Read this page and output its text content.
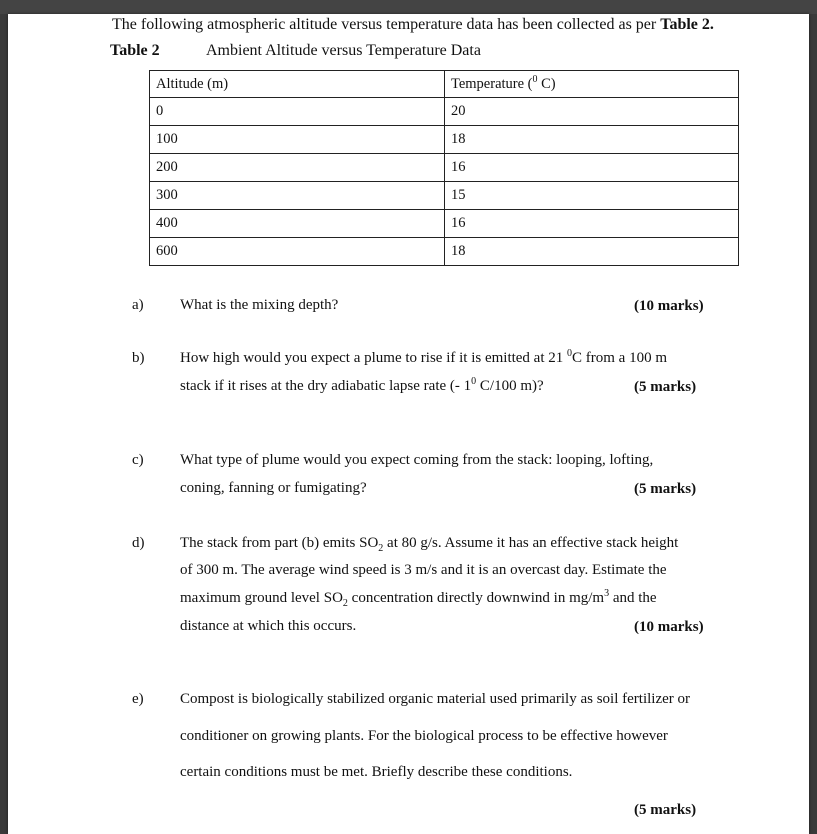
The following atmospheric altitude versus temperature data has been collected as per Table 2.
Table 2	Ambient Altitude versus Temperature Data
Altitude (m)	Temperature ($^0$ C)
0	20
100	18
200	16
300	15
400	16
600	18
a) What is the mixing depth?	(10 marks)
b) How high would you expect a plume to rise if it is emitted at 21 $^0$C from a 100 m
stack if it rises at the dry adiabatic lapse rate (- $1^0$ C/100 m)?	(5 marks)
c) What type of plume would you expect coming from the stack: looping, lofting,
coning, fanning or fumigating?	(5 marks)
d) The stack from part (b) emits $SO_2$ at 80 g/s. Assume it has an effective stack height
of 300 m. The average wind speed is 3 m/s and it is an overcast day. Estimate the
maximum ground level $SO_2$ concentration directly downwind in $mg/m^3$ and the
distance at which this occurs.	(10 marks)
e) Compost is biologically stabilized organic material used primarily as soil fertilizer or
conditioner on growing plants. For the biological process to be effective however
certain conditions must be met. Briefly describe these conditions.
(5 marks)
